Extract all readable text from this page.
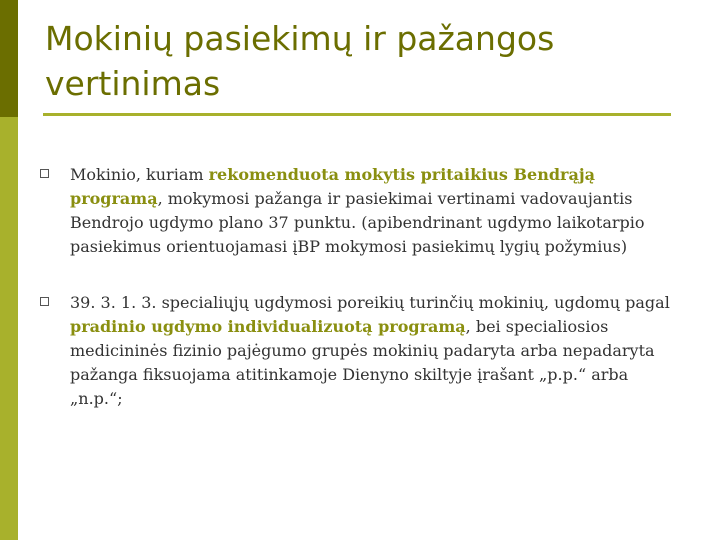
Mokinių pasiekimų ir pažangos vertinimas
Mokinio, kuriam rekomenduota mokytis pritaikius Bendrąją programą, mokymosi pažanga ir pasiekimai vertinami vadovaujantis Bendrojo ugdymo plano 37 punktu. (apibendrinant ugdymo laikotarpio pasiekimus orientuojamasi įBP mokymosi pasiekimų lygių požymius)
39. 3. 1. 3. specialiųjų ugdymosi poreikių turinčių mokinių, ugdomų pagal pradinio ugdymo individualizuotą programą, bei specialiosios medicininės fizinio pajėgumo grupės mokinių padaryta arba nepadaryta pažanga fiksuojama atitinkamoje Dienyno skiltyje įrašant „p.p.“ arba „n.p.“;
